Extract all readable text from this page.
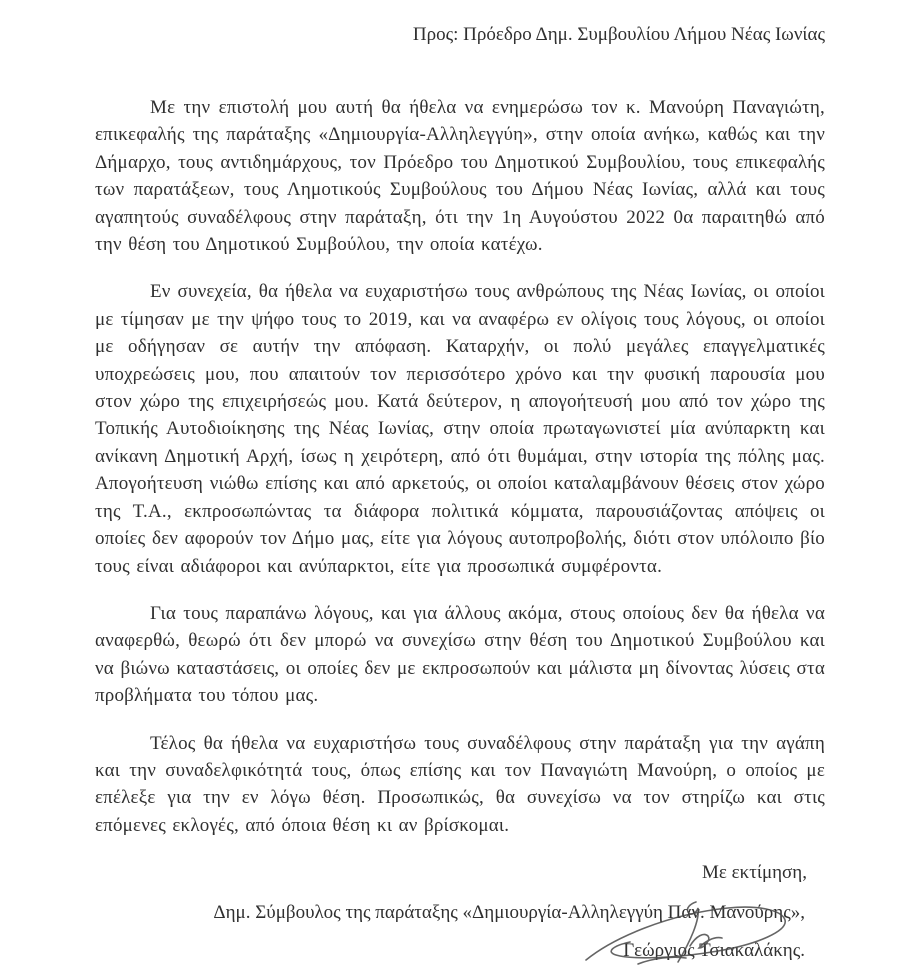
Προς: Πρόεδρο Δημ. Συμβουλίου Λήμου Νέας Ιωνίας

Με την επιστολή μου αυτή θα ήθελα να ενημερώσω τον κ. Μανούρη Παναγιώτη, επικεφαλής της παράταξης «Δημιουργία-Αλληλεγγύη», στην οποία ανήκω, καθώς και την Δήμαρχο, τους αντιδημάρχους, τον Πρόεδρο του Δημοτικού Συμβουλίου, τους επικεφαλής των παρατάξεων, τους Λημοτικούς Συμβούλους του Δήμου Νέας Ιωνίας, αλλά και τους αγαπητούς συναδέλφους στην παράταξη, ότι την 1η Αυγούστου 2022 0α παραιτηθώ από την θέση του Δημοτικού Συμβούλου, την οποία κατέχω.

Εν συνεχεία, θα ήθελα να ευχαριστήσω τους ανθρώπους της Νέας Ιωνίας, οι οποίοι με τίμησαν με την ψήφο τους το 2019, και να αναφέρω εν ολίγοις τους λόγους, οι οποίοι με οδήγησαν σε αυτήν την απόφαση. Καταρχήν, οι πολύ μεγάλες επαγγελματικές υποχρεώσεις μου, που απαιτούν τον περισσότερο χρόνο και την φυσική παρουσία μου στον χώρο της επιχειρήσεώς μου. Κατά δεύτερον, η απογοήτευσή μου από τον χώρο της Τοπικής Αυτοδιοίκησης της Νέας Ιωνίας, στην οποία πρωταγωνιστεί μία ανύπαρκτη και ανίκανη Δημοτική Αρχή, ίσως η χειρότερη, από ότι θυμάμαι, στην ιστορία της πόλης μας. Απογοήτευση νιώθω επίσης και από αρκετούς, οι οποίοι καταλαμβάνουν θέσεις στον χώρο της Τ.Α., εκπροσωπώντας τα διάφορα πολιτικά κόμματα, παρουσιάζοντας απόψεις οι οποίες δεν αφορούν τον Δήμο μας, είτε για λόγους αυτοπροβολής, διότι στον υπόλοιπο βίο τους είναι αδιάφοροι και ανύπαρκτοι, είτε για προσωπικά συμφέροντα.

Για τους παραπάνω λόγους, και για άλλους ακόμα, στους οποίους δεν θα ήθελα να αναφερθώ, θεωρώ ότι δεν μπορώ να συνεχίσω στην θέση του Δημοτικού Συμβούλου και να βιώνω καταστάσεις, οι οποίες δεν με εκπροσωπούν και μάλιστα μη δίνοντας λύσεις στα προβλήματα του τόπου μας.

Τέλος θα ήθελα να ευχαριστήσω τους συναδέλφους στην παράταξη για την αγάπη και την συναδελφικότητά τους, όπως επίσης και τον Παναγιώτη Μανούρη, ο οποίος με επέλεξε για την εν λόγω θέση. Προσωπικώς, θα συνεχίσω να τον στηρίζω και στις επόμενες εκλογές, από όποια θέση κι αν βρίσκομαι.

Με εκτίμηση,
Δημ. Σύμβουλος της παράταξης «Δημιουργία-Αλληλεγγύη Παν. Μανούρης»,
Γεώργιος Τσιακαλάκης.
